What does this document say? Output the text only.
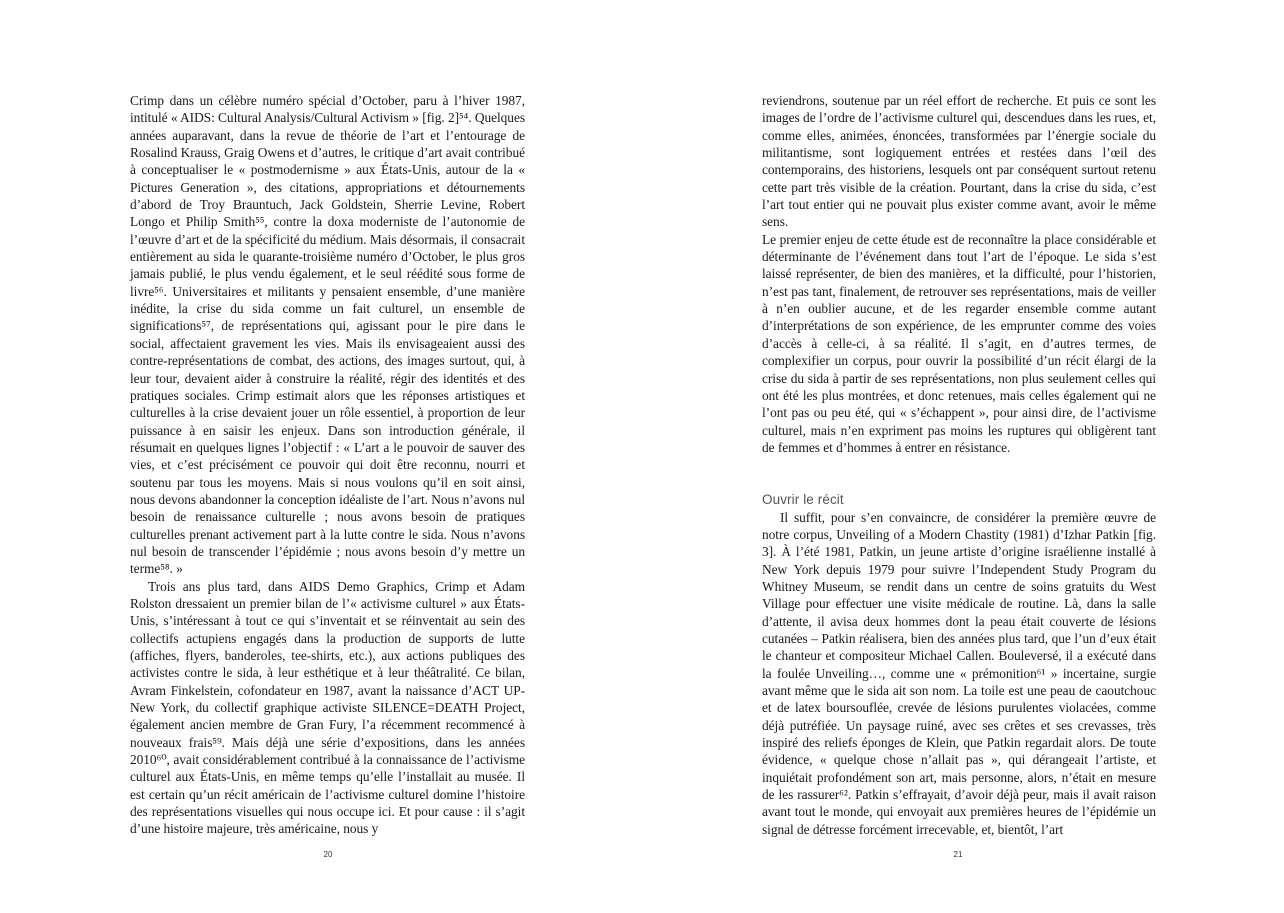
Crimp dans un célèbre numéro spécial d’October, paru à l’hiver 1987, intitulé « AIDS: Cultural Analysis/Cultural Activism » [fig. 2]⁵⁴. Quelques années auparavant, dans la revue de théorie de l’art et l’entourage de Rosalind Krauss, Graig Owens et d’autres, le critique d’art avait contribué à conceptualiser le « postmodernisme » aux États-Unis, autour de la « Pictures Generation », des citations, appropriations et détournements d’abord de Troy Brauntuch, Jack Goldstein, Sherrie Levine, Robert Longo et Philip Smith⁵⁵, contre la doxa moderniste de l’autonomie de l’œuvre d’art et de la spécificité du médium. Mais désormais, il consacrait entièrement au sida le quarante-troisième numéro d’October, le plus gros jamais publié, le plus vendu également, et le seul réédité sous forme de livre⁵⁶. Universitaires et militants y pensaient ensemble, d’une manière inédite, la crise du sida comme un fait culturel, un ensemble de significations⁵⁷, de représentations qui, agissant pour le pire dans le social, affectaient gravement les vies. Mais ils envisageaient aussi des contre-représentations de combat, des actions, des images surtout, qui, à leur tour, devaient aider à construire la réalité, régir des identités et des pratiques sociales. Crimp estimait alors que les réponses artistiques et culturelles à la crise devaient jouer un rôle essentiel, à proportion de leur puissance à en saisir les enjeux. Dans son introduction générale, il résumait en quelques lignes l’objectif : « L’art a le pouvoir de sauver des vies, et c’est précisément ce pouvoir qui doit être reconnu, nourri et soutenu par tous les moyens. Mais si nous voulons qu’il en soit ainsi, nous devons abandonner la conception idéaliste de l’art. Nous n’avons nul besoin de renaissance culturelle ; nous avons besoin de pratiques culturelles prenant activement part à la lutte contre le sida. Nous n’avons nul besoin de transcender l’épidémie ; nous avons besoin d’y mettre un terme⁵⁸. »

Trois ans plus tard, dans AIDS Demo Graphics, Crimp et Adam Rolston dressaient un premier bilan de l’« activisme culturel » aux États-Unis, s’intéressant à tout ce qui s’inventait et se réinventait au sein des collectifs actupiens engagés dans la production de supports de lutte (affiches, flyers, banderoles, tee-shirts, etc.), aux actions publiques des activistes contre le sida, à leur esthétique et à leur théâtralité. Ce bilan, Avram Finkelstein, cofondateur en 1987, avant la naissance d’ACT UP-New York, du collectif graphique activiste SILENCE=DEATH Project, également ancien membre de Gran Fury, l’a récemment recommencé à nouveaux frais⁵⁹. Mais déjà une série d’expositions, dans les années 2010⁶⁰, avait considérablement contribué à la connaissance de l’activisme culturel aux États-Unis, en même temps qu’elle l’installait au musée. Il est certain qu’un récit américain de l’activisme culturel domine l’histoire des représentations visuelles qui nous occupe ici. Et pour cause : il s’agit d’une histoire majeure, très américaine, nous y

20

reviendrons, soutenue par un réel effort de recherche. Et puis ce sont les images de l’ordre de l’activisme culturel qui, descendues dans les rues, et, comme elles, animées, énoncées, transformées par l’énergie sociale du militantisme, sont logiquement entrées et restées dans l’œil des contemporains, des historiens, lesquels ont par conséquent surtout retenu cette part très visible de la création. Pourtant, dans la crise du sida, c’est l’art tout entier qui ne pouvait plus exister comme avant, avoir le même sens.

Le premier enjeu de cette étude est de reconnaître la place considérable et déterminante de l’événement dans tout l’art de l’époque. Le sida s’est laissé représenter, de bien des manières, et la difficulté, pour l’historien, n’est pas tant, finalement, de retrouver ses représentations, mais de veiller à n’en oublier aucune, et de les regarder ensemble comme autant d’interprétations de son expérience, de les emprunter comme des voies d’accès à celle-ci, à sa réalité. Il s’agit, en d’autres termes, de complexifier un corpus, pour ouvrir la possibilité d’un récit élargi de la crise du sida à partir de ses représentations, non plus seulement celles qui ont été les plus montrées, et donc retenues, mais celles également qui ne l’ont pas ou peu été, qui « s’échappent », pour ainsi dire, de l’activisme culturel, mais n’en expriment pas moins les ruptures qui obligèrent tant de femmes et d’hommes à entrer en résistance.

Ouvrir le récit

Il suffit, pour s’en convaincre, de considérer la première œuvre de notre corpus, Unveiling of a Modern Chastity (1981) d’Izhar Patkin [fig. 3]. À l’été 1981, Patkin, un jeune artiste d’origine israélienne installé à New York depuis 1979 pour suivre l’Independent Study Program du Whitney Museum, se rendit dans un centre de soins gratuits du West Village pour effectuer une visite médicale de routine. Là, dans la salle d’attente, il avisa deux hommes dont la peau était couverte de lésions cutanées – Patkin réalisera, bien des années plus tard, que l’un d’eux était le chanteur et compositeur Michael Callen. Bouleversé, il a exécuté dans la foulée Unveiling…, comme une « prémonition⁶¹ » incertaine, surgie avant même que le sida ait son nom. La toile est une peau de caoutchouc et de latex boursouflée, crevée de lésions purulentes violacées, comme déjà putréfiée. Un paysage ruiné, avec ses crêtes et ses crevasses, très inspiré des reliefs éponges de Klein, que Patkin regardait alors. De toute évidence, « quelque chose n’allait pas », qui dérangeait l’artiste, et inquiétait profondément son art, mais personne, alors, n’était en mesure de les rassurer⁶². Patkin s’effrayait, d’avoir déjà peur, mais il avait raison avant tout le monde, qui envoyait aux premières heures de l’épidémie un signal de détresse forcément irrecevable, et, bientôt, l’art

21
